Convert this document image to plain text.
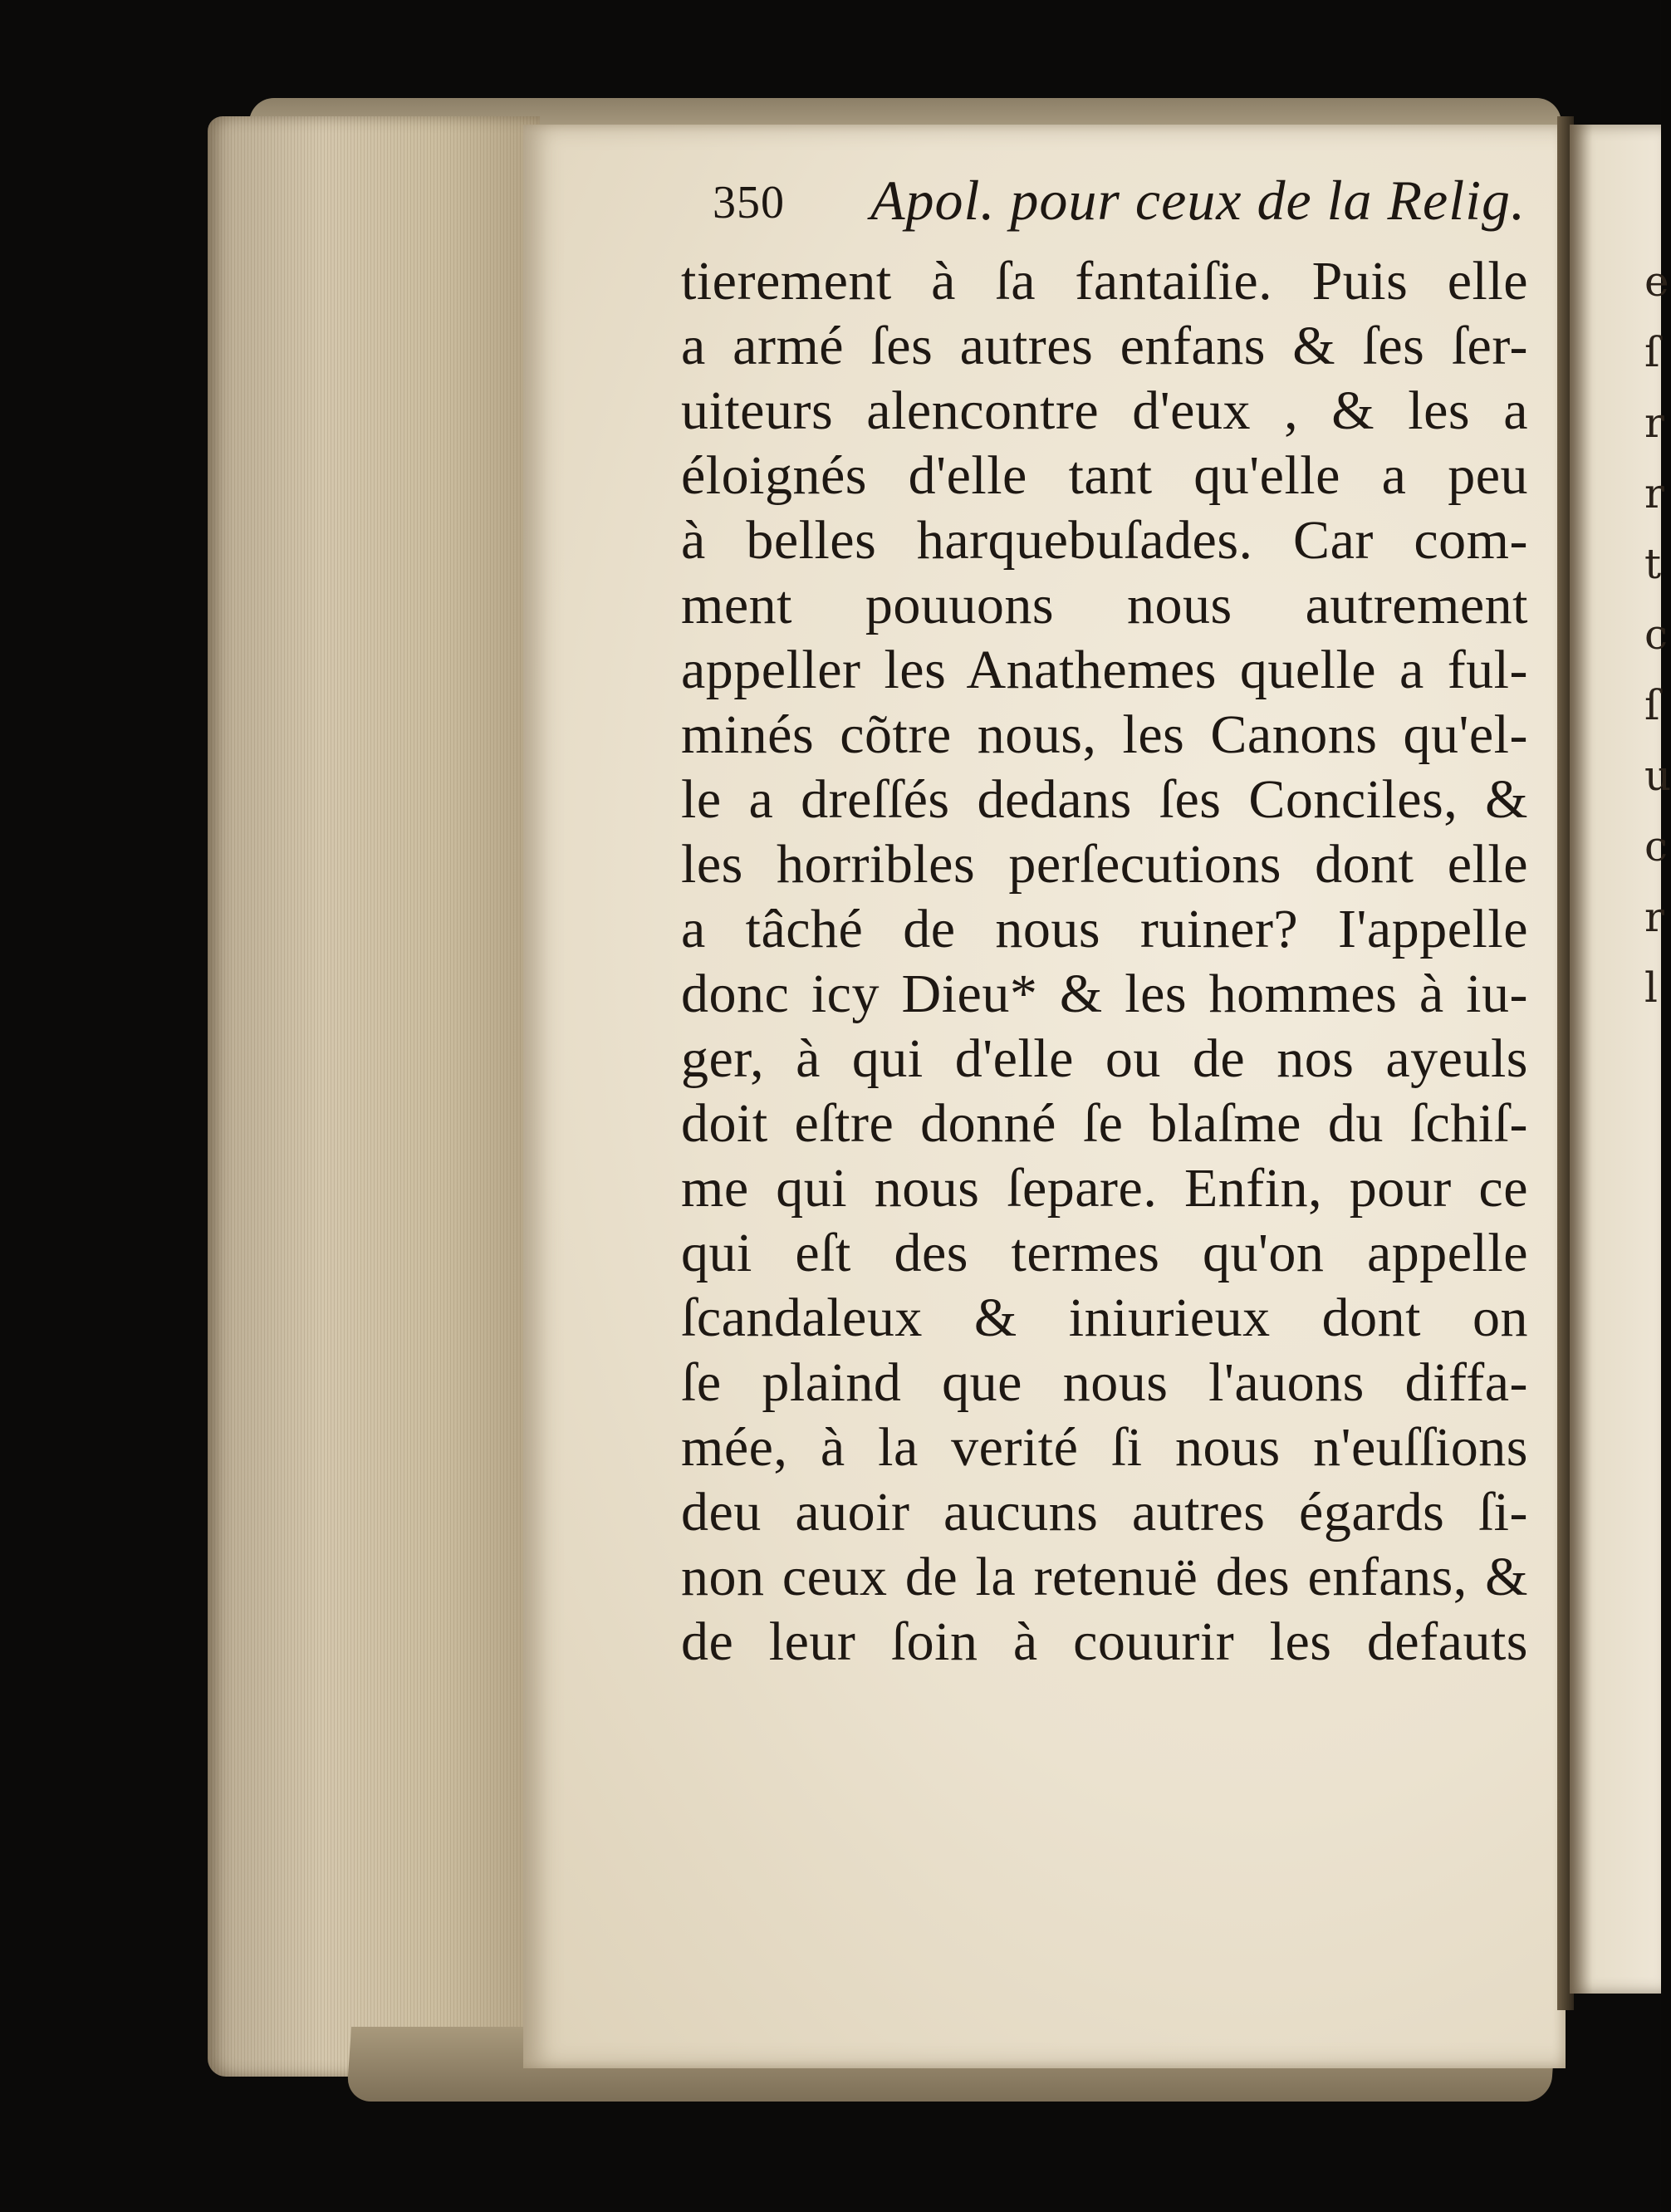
e
ſ
r
r
t
c
ſ
u
c
r
l
350 Apol. pour ceux de la Relig.
tierement à ſa fantaiſie. Puis elle
a armé ſes autres enfans & ſes ſer-
uiteurs alencontre d'eux , & les a
éloignés d'elle tant qu'elle a peu
à belles harquebuſades. Car com-
ment pouuons nous autrement
appeller les Anathemes quelle a ful-
minés cõtre nous, les Canons qu'el-
le a dreſſés dedans ſes Conciles, &
les horribles perſecutions dont elle
a tâché de nous ruiner? I'appelle
donc icy Dieu* & les hommes à iu-
ger, à qui d'elle ou de nos ayeuls
doit eſtre donné ſe blaſme du ſchiſ-
me qui nous ſepare. Enfin, pour ce
qui eſt des termes qu'on appelle
ſcandaleux & iniurieux dont on
ſe plaind que nous l'auons diffa-
mée, à la verité ſi nous n'euſſions
deu auoir aucuns autres égards ſi-
non ceux de la retenuë des enfans, &
de leur ſoin à couurir les defauts
